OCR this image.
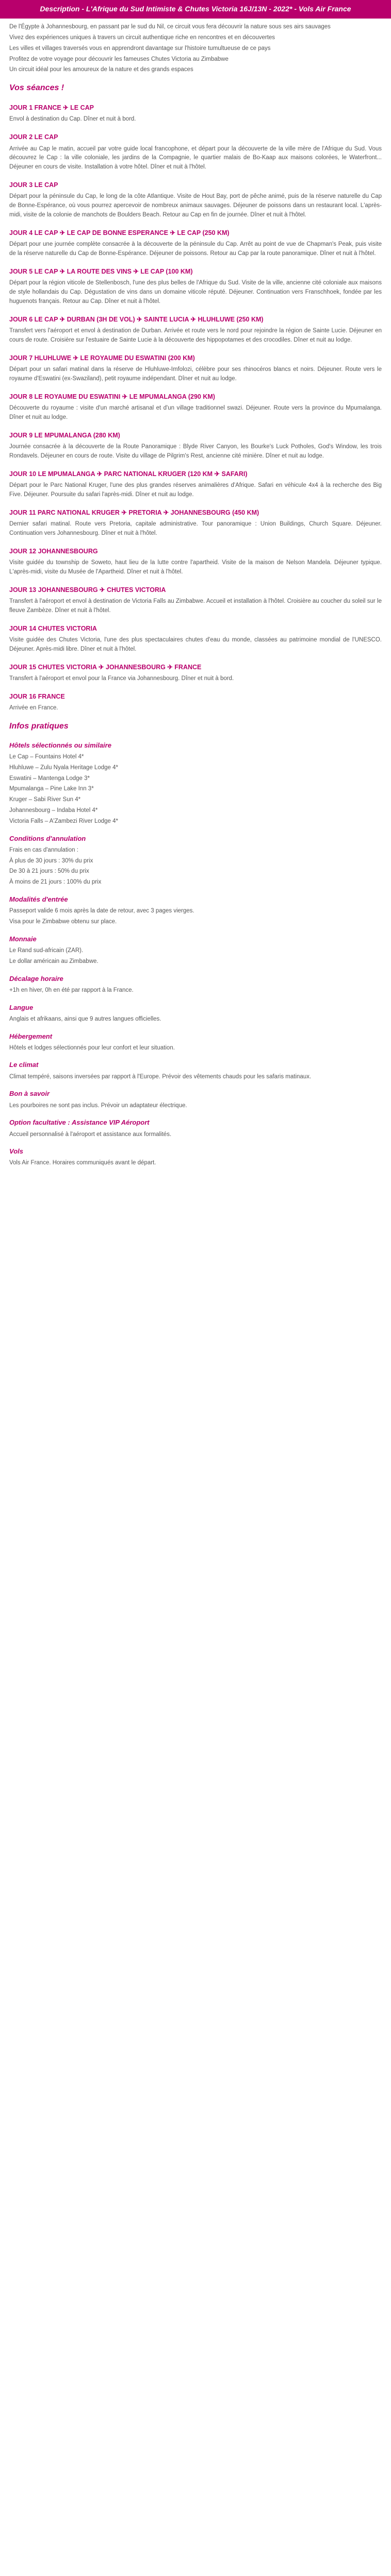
Description - L'Afrique du Sud Intimiste & Chutes Victoria 16J/13N - 2022* - Vols Air France

De l'Égypte à Johannesbourg, en passant par le sud du Nil, ce circuit vous fera découvrir la nature sous ses airs sauvages

Vivez des expériences uniques à travers un circuit authentique riche en rencontres et en découvertes

Les villes et villages traversés vous en apprendront davantage sur l'histoire tumultueuse de ce pays

Profitez de votre voyage pour découvrir les fameuses Chutes Victoria au Zimbabwe

Un circuit idéal pour les amoureux de la nature et des grands espaces

Vos séances !
JOUR 1 FRANCE ✈ LE CAP

Envol à destination du Cap. Dîner et nuit à bord.

JOUR 2 LE CAP

Arrivée au Cap le matin, accueil par votre guide local francophone, et départ pour la découverte de la ville mère de l'Afrique du Sud. Vous découvrez le Cap : la ville coloniale, les jardins de la Compagnie, le quartier malais de Bo-Kaap aux maisons colorées, le Waterfront... Déjeuner en cours de visite. Installation à votre hôtel. Dîner et nuit à l'hôtel.

JOUR 3 LE CAP

Départ pour la péninsule du Cap, le long de la côte Atlantique. Visite de Hout Bay, port de pêche animé, puis de la réserve naturelle du Cap de Bonne-Espérance, où vous pourrez apercevoir de nombreux animaux sauvages. Déjeuner de poissons dans un restaurant local. L'après-midi, visite de la colonie de manchots de Boulders Beach. Retour au Cap en fin de journée. Dîner et nuit à l'hôtel.

JOUR 4 LE CAP ✈ LE CAP DE BONNE ESPERANCE ✈ LE CAP (250 KM)

Départ pour une journée complète consacrée à la découverte de la péninsule du Cap. Arrêt au point de vue de Chapman's Peak, puis visite de la réserve naturelle du Cap de Bonne-Espérance. Déjeuner de poissons. Retour au Cap par la route panoramique. Dîner et nuit à l'hôtel.

JOUR 5 LE CAP ✈ LA ROUTE DES VINS ✈ LE CAP (100 KM)

Départ pour la région viticole de Stellenbosch, l'une des plus belles de l'Afrique du Sud. Visite de la ville, ancienne cité coloniale aux maisons de style hollandais du Cap. Dégustation de vins dans un domaine viticole réputé. Déjeuner. Continuation vers Franschhoek, fondée par les huguenots français. Retour au Cap. Dîner et nuit à l'hôtel.

JOUR 6 LE CAP ✈ DURBAN (3H DE VOL) ✈ SAINTE LUCIA ✈ HLUHLUWE (250 KM)

Transfert vers l'aéroport et envol à destination de Durban. Arrivée et route vers le nord pour rejoindre la région de Sainte Lucie. Déjeuner en cours de route. Croisière sur l'estuaire de Sainte Lucie à la découverte des hippopotames et des crocodiles. Dîner et nuit au lodge.

JOUR 7 HLUHLUWE ✈ LE ROYAUME DU ESWATINI (200 KM)

Départ pour un safari matinal dans la réserve de Hluhluwe-Imfolozi, célèbre pour ses rhinocéros blancs et noirs. Déjeuner. Route vers le royaume d'Eswatini (ex-Swaziland), petit royaume indépendant. Dîner et nuit au lodge.

JOUR 8 LE ROYAUME DU ESWATINI ✈ LE MPUMALANGA (290 KM)

Découverte du royaume : visite d'un marché artisanal et d'un village traditionnel swazi. Déjeuner. Route vers la province du Mpumalanga. Dîner et nuit au lodge.

JOUR 9 LE MPUMALANGA (280 KM)

Journée consacrée à la découverte de la Route Panoramique : Blyde River Canyon, les Bourke's Luck Potholes, God's Window, les trois Rondavels. Déjeuner en cours de route. Visite du village de Pilgrim's Rest, ancienne cité minière. Dîner et nuit au lodge.

JOUR 10 LE MPUMALANGA ✈ PARC NATIONAL KRUGER (120 KM ✈ SAFARI)

Départ pour le Parc National Kruger, l'une des plus grandes réserves animalières d'Afrique. Safari en véhicule 4x4 à la recherche des Big Five. Déjeuner. Poursuite du safari l'après-midi. Dîner et nuit au lodge.

JOUR 11 PARC NATIONAL KRUGER ✈ PRETORIA ✈ JOHANNESBOURG (450 KM)

Dernier safari matinal. Route vers Pretoria, capitale administrative. Tour panoramique : Union Buildings, Church Square. Déjeuner. Continuation vers Johannesbourg. Dîner et nuit à l'hôtel.

JOUR 12 JOHANNESBOURG

Visite guidée du township de Soweto, haut lieu de la lutte contre l'apartheid. Visite de la maison de Nelson Mandela. Déjeuner typique. L'après-midi, visite du Musée de l'Apartheid. Dîner et nuit à l'hôtel.

JOUR 13 JOHANNESBOURG ✈ CHUTES VICTORIA

Transfert à l'aéroport et envol à destination de Victoria Falls au Zimbabwe. Accueil et installation à l'hôtel. Croisière au coucher du soleil sur le fleuve Zambèze. Dîner et nuit à l'hôtel.

JOUR 14 CHUTES VICTORIA

Visite guidée des Chutes Victoria, l'une des plus spectaculaires chutes d'eau du monde, classées au patrimoine mondial de l'UNESCO. Déjeuner. Après-midi libre. Dîner et nuit à l'hôtel.

JOUR 15 CHUTES VICTORIA ✈ JOHANNESBOURG ✈ FRANCE

Transfert à l'aéroport et envol pour la France via Johannesbourg. Dîner et nuit à bord.

JOUR 16 FRANCE

Arrivée en France.

Infos pratiques
Hôtels sélectionnés ou similaire
Le Cap – Fountains Hotel 4*
Hluhluwe – Zulu Nyala Heritage Lodge 4*
Eswatini – Mantenga Lodge 3*
Mpumalanga – Pine Lake Inn 3*
Kruger – Sabi River Sun 4*
Johannesbourg – Indaba Hotel 4*
Victoria Falls – A'Zambezi River Lodge 4*
Conditions d'annulation
Frais en cas d'annulation :
À plus de 30 jours : 30% du prix
De 30 à 21 jours : 50% du prix
À moins de 21 jours : 100% du prix
Modalités d'entrée
Passeport valide 6 mois après la date de retour, avec 3 pages vierges.
Visa pour le Zimbabwe obtenu sur place.
Monnaie
Le Rand sud-africain (ZAR).
Le dollar américain au Zimbabwe.
Décalage horaire
+1h en hiver, 0h en été par rapport à la France.
Langue
Anglais et afrikaans, ainsi que 9 autres langues officielles.
Hébergement
Hôtels et lodges sélectionnés pour leur confort et leur situation.
Le climat
Climat tempéré, saisons inversées par rapport à l'Europe. Prévoir des vêtements chauds pour les safaris matinaux.
Bon à savoir
Les pourboires ne sont pas inclus. Prévoir un adaptateur électrique.
Option facultative : Assistance VIP Aéroport
Accueil personnalisé à l'aéroport et assistance aux formalités.
Vols
Vols Air France. Horaires communiqués avant le départ.
